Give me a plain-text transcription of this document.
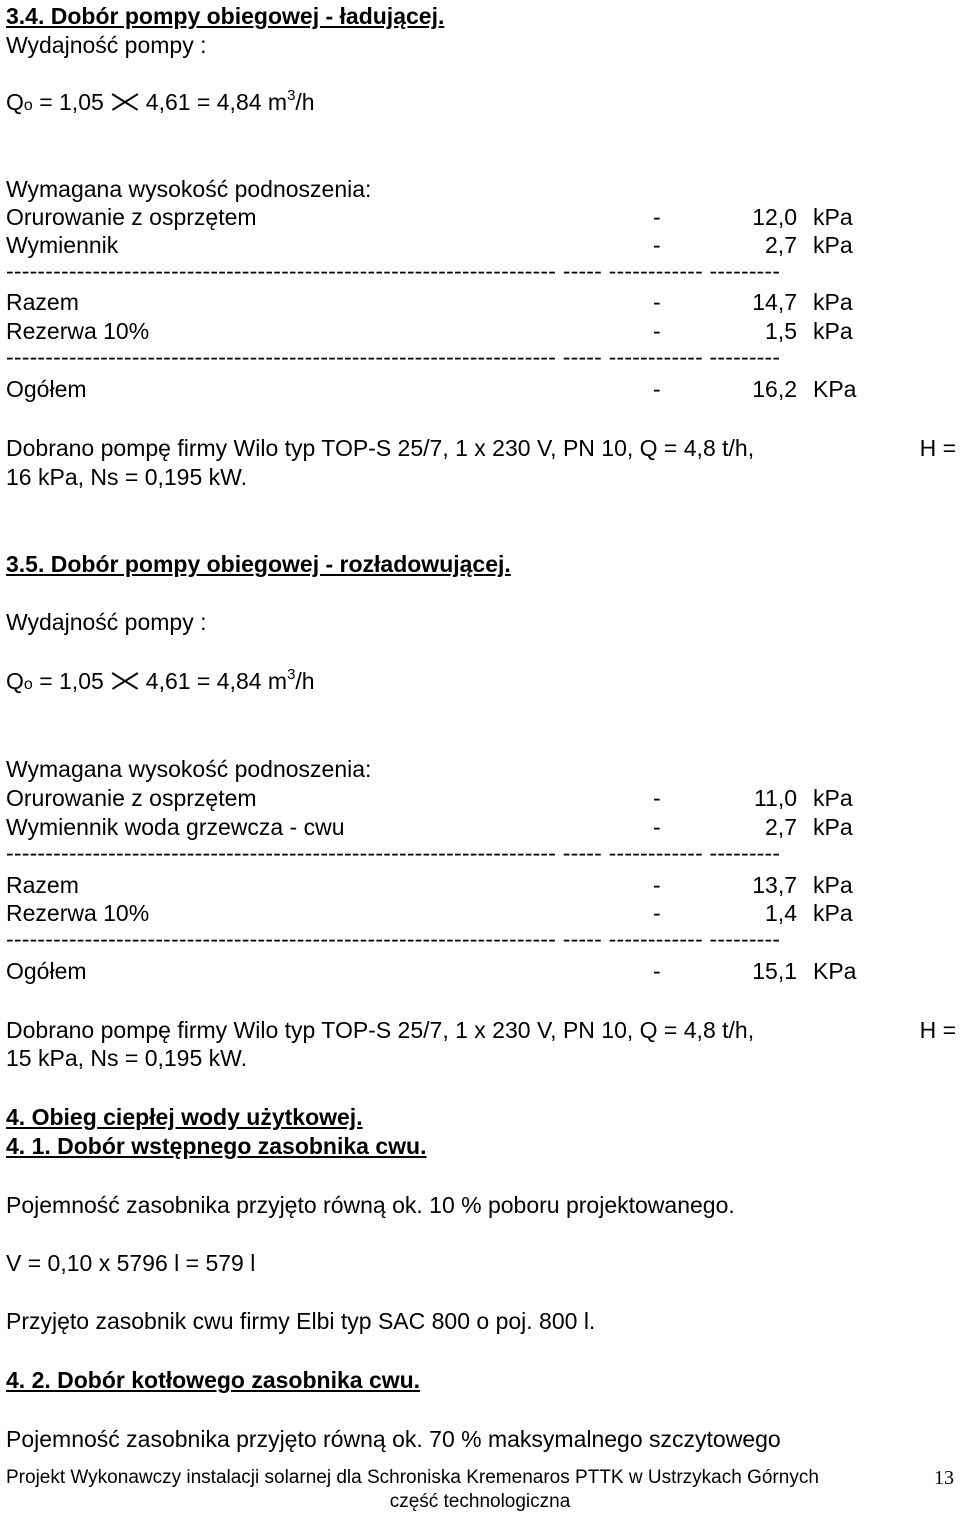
3.4. Dobór pompy obiegowej - ładującej.
Wydajność pompy :
Qo = 1,05 4,61 = 4,84 $m^3/h$
Wymagana wysokość podnoszenia:
Orurowanie z osprzętem	-	12,0 kPa
Wymiennik	-	2,7 kPa
---------------------------------------------------------------------- ----- ------------ ---------
Razem	-	14,7 kPa
Rezerwa 10%	-	1,5 kPa
---------------------------------------------------------------------- ----- ------------ ---------
Ogółem	-	16,2 KPa
Dobrano pompę firmy Wilo typ TOP-S 25/7, 1 x 230 V, PN 10, Q = 4,8 t/h,	H =
16 kPa, Ns = 0,195 kW.
3.5. Dobór pompy obiegowej - rozładowującej.
Wydajność pompy :
Qo = 1,05 4,61 = 4,84 $m^3/h$
Wymagana wysokość podnoszenia:
Orurowanie z osprzętem	-	11,0 kPa
Wymiennik woda grzewcza - cwu	-	2,7 kPa
---------------------------------------------------------------------- ----- ------------ ---------
Razem	-	13,7 kPa
Rezerwa 10%	-	1,4 kPa
---------------------------------------------------------------------- ----- ------------ ---------
Ogółem	-	15,1 KPa
Dobrano pompę firmy Wilo typ TOP-S 25/7, 1 x 230 V, PN 10, Q = 4,8 t/h,	H =
15 kPa, Ns = 0,195 kW.
4. Obieg ciepłej wody użytkowej.
4. 1. Dobór wstępnego zasobnika cwu.
Pojemność zasobnika przyjęto równą ok. 10 % poboru projektowanego.
V = 0,10 x 5796 l = 579 l
Przyjęto zasobnik cwu firmy Elbi typ SAC 800 o poj. 800 l.
4. 2. Dobór kotłowego zasobnika cwu.
Pojemność zasobnika przyjęto równą ok. 70 % maksymalnego szczytowego
Projekt Wykonawczy instalacji solarnej dla Schroniska Kremenaros PTTK w Ustrzykach Górnych	13
część technologiczna
